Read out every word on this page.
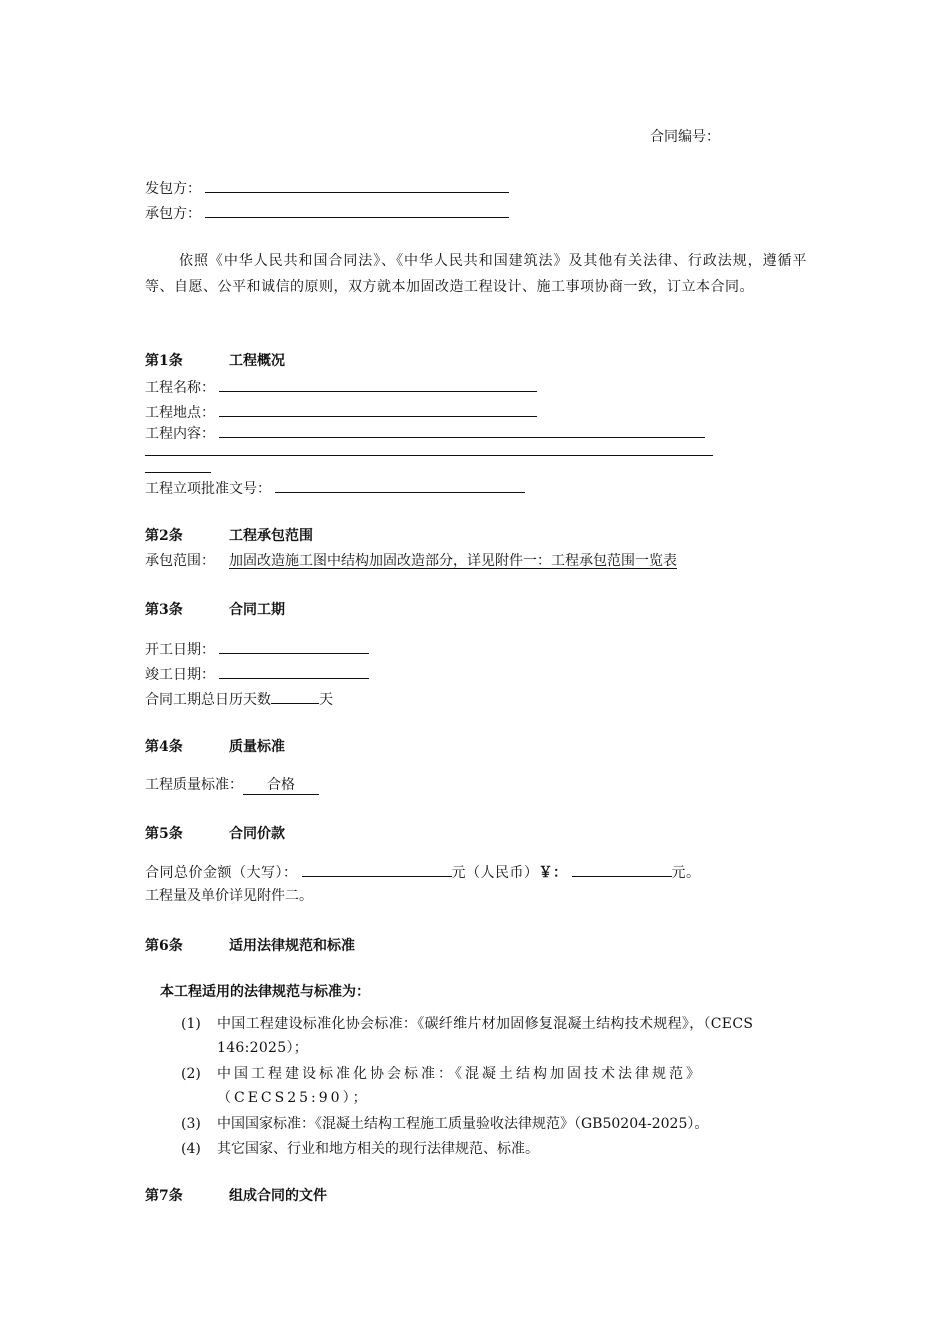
合同编号：
发包方：
承包方：
依照《中华人民共和国合同法》、《中华人民共和国建筑法》及其他有关法律、行政法规，遵循平等、自愿、公平和诚信的原则，双方就本加固改造工程设计、施工事项协商一致，订立本合同。
第1条	工程概况
工程名称：
工程地点：
工程内容：
工程立项批准文号：
第2条	工程承包范围
承包范围： 加固改造施工图中结构加固改造部分，详见附件一：工程承包范围一览表
第3条	合同工期
开工日期：
竣工日期：
合同工期总日历天数	天
第4条	质量标准
工程质量标准： 合格
第5条	合同价款
合同总价金额（大写）：	元（人民币）￥：	元。
工程量及单价详见附件二。
第6条	适用法律规范和标准
本工程适用的法律规范与标准为：
(1) 中国工程建设标准化协会标准：《碳纤维片材加固修复混凝土结构技术规程》，（CECS 146:2025）；
(2) 中国工程建设标准化协会标准：《混凝土结构加固技术法律规范》（CECS25:90）；
(3) 中国国家标准：《混凝土结构工程施工质量验收法律规范》（GB50204-2025）。
(4) 其它国家、行业和地方相关的现行法律规范、标准。
第7条	组成合同的文件
